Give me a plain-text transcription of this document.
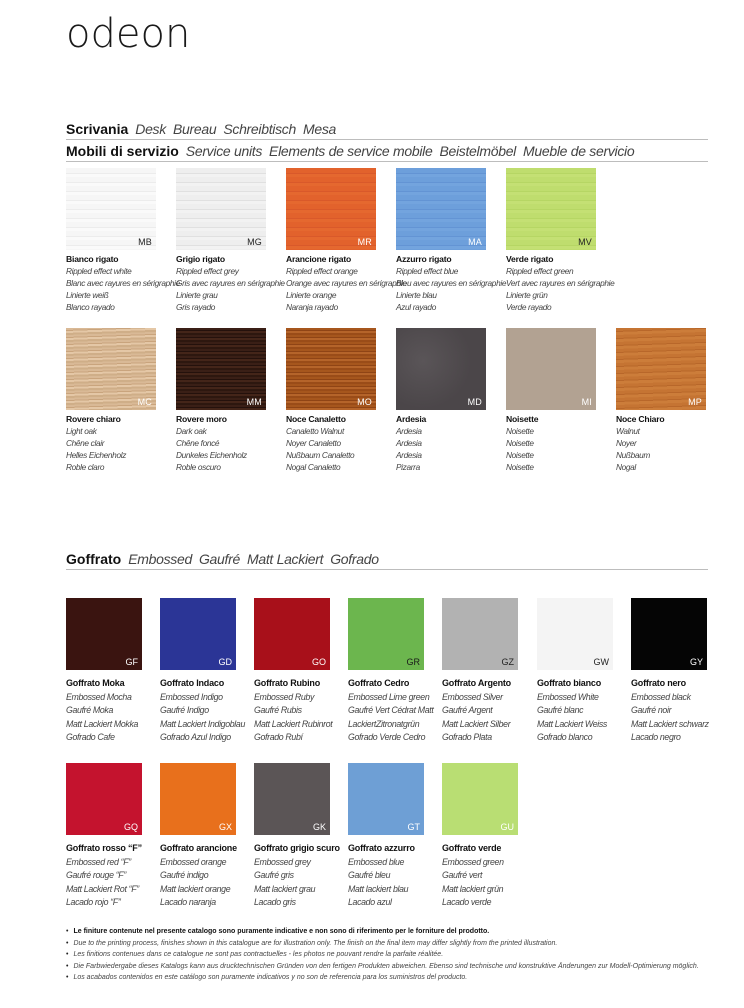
odeon
Scrivania Desk Bureau Schreibtisch Mesa
Mobili di servizio Service units Elements de service mobile Beistelmöbel Mueble de servicio
MB	MG	MR	MA	MV
Bianco rigato
Rippled effect white
Blanc avec rayures en sérigraphie
Linierte weiß
Blanco rayado
Grigio rigato
Rippled effect grey
Gris avec rayures en sérigraphie
Linierte grau
Gris rayado
Arancione rigato
Rippled effect orange
Orange avec rayures en sérigraphie
Linierte orange
Naranja rayado
Azzurro rigato
Rippled effect blue
Bleu avec rayures en sérigraphie
Linierte blau
Azul rayado
Verde rigato
Rippled effect green
Vert avec rayures en sérigraphie
Linierte grün
Verde rayado
MC	MM	MO	MD	MI	MP
Rovere chiaro
Light oak
Chêne clair
Helles Eichenholz
Roble claro
Rovere moro
Dark oak
Chêne foncé
Dunkeles Eichenholz
Roble oscuro
Noce Canaletto
Canaletto Walnut
Noyer Canaletto
Nußbaum Canaletto
Nogal Canaletto
Ardesia
Ardesia
Ardesia
Ardesia
Pizarra
Noisette
Noisette
Noisette
Noisette
Noisette
Noce Chiaro
Walnut
Noyer
Nußbaum
Nogal
Goffrato Embossed Gaufré Matt Lackiert Gofrado
GF	GD	GO	GR	GZ	GW	GY
Goffrato Moka
Embossed Mocha
Gaufré Moka
Matt Lackiert Mokka
Gofrado Cafe
Goffrato Indaco
Embossed Indigo
Gaufré Indigo
Matt Lackiert Indigoblau
Gofrado Azul Indigo
Goffrato Rubino
Embossed Ruby
Gaufré Rubis
Matt Lackiert Rubinrot
Gofrado Rubí
Goffrato Cedro
Embossed Lime green
Gaufré Vert Cédrat Matt
LackiertZitronatgrün
Gofrado Verde Cedro
Goffrato Argento
Embossed Silver
Gaufré Argent
Matt Lackiert Silber
Gofrado Plata
Goffrato bianco
Embossed White
Gaufré blanc
Matt Lackiert Weiss
Gofrado blanco
Goffrato nero
Embossed black
Gaufré noir
Matt Lackiert schwarz
Lacado negro
GQ	GX	GK	GT	GU
Goffrato rosso “F”
Embossed red “F”
Gaufré rouge “F”
Matt Lackiert Rot “F”
Lacado rojo “F”
Goffrato arancione
Embossed orange
Gaufré indigo
Matt lackiert orange
Lacado naranja
Goffrato grigio scuro
Embossed grey
Gaufré gris
Matt lackiert grau
Lacado gris
Goffrato azzurro
Embossed blue
Gaufré bleu
Matt lackiert blau
Lacado azul
Goffrato verde
Embossed green
Gaufré vert
Matt lackiert grün
Lacado verde
• Le finiture contenute nel presente catalogo sono puramente indicative e non sono di riferimento per le forniture del prodotto.
• Due to the printing process, finishes shown in this catalogue are for illustration only. The finish on the final item may differ slightly from the printed illustration.
• Les finitions contenues dans ce catalogue ne sont pas contractuelles - les photos ne pouvant rendre la parfaite réalitée.
• Die Farbwiedergabe dieses Katalogs kann aus drucktechnischen Gründen von den fertigen Produkten abweichen. Ebenso sind technische und konstruktive Änderungen zur Modell-Optimierung möglich.
• Los acabados contenidos en este catálogo son puramente indicativos y no son de referencia para los suministros del producto.
